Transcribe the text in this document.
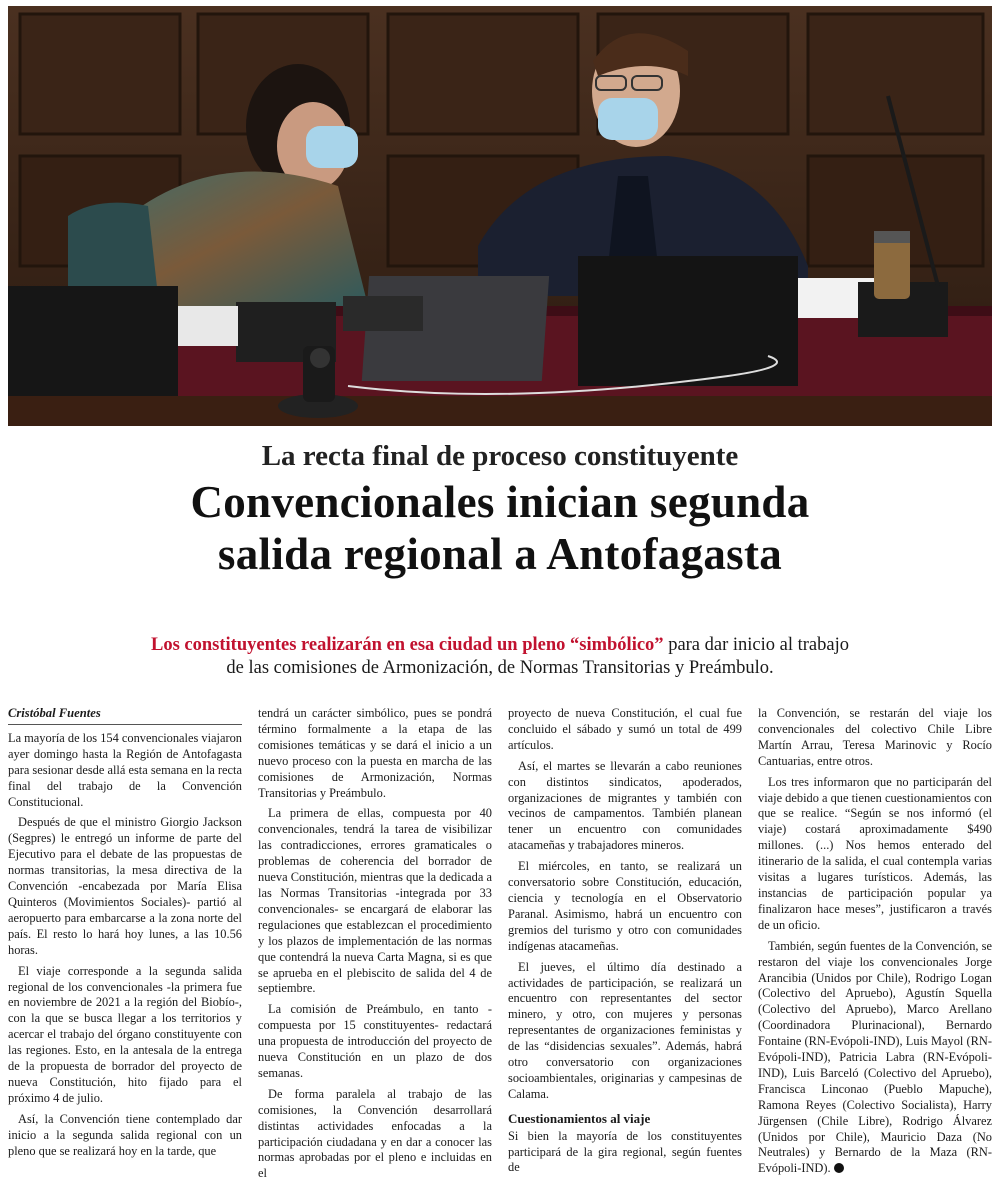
La recta final de proceso constituyente
Convencionales inician segunda
salida regional a Antofagasta
Los constituyentes realizarán en esa ciudad un pleno “simbólico” para dar inicio al trabajo
de las comisiones de Armonización, de Normas Transitorias y Preámbulo.
Cristóbal Fuentes

La mayoría de los 154 convencionales viajaron ayer domingo hasta la Región de Antofagasta para sesionar desde allá esta semana en la recta final del trabajo de la Convención Constitucional.

Después de que el ministro Giorgio Jackson (Segpres) le entregó un informe de parte del Ejecutivo para el debate de las propuestas de normas transitorias, la mesa directiva de la Convención -encabezada por María Elisa Quinteros (Movimientos Sociales)- partió al aeropuerto para embarcarse a la zona norte del país. El resto lo hará hoy lunes, a las 10.56 horas.

El viaje corresponde a la segunda salida regional de los convencionales -la primera fue en noviembre de 2021 a la región del Biobío-, con la que se busca llegar a los territorios y acercar el trabajo del órgano constituyente con las regiones. Esto, en la antesala de la entrega de la propuesta de borrador del proyecto de nueva Constitución, hito fijado para el próximo 4 de julio.

Así, la Convención tiene contemplado dar inicio a la segunda salida regional con un pleno que se realizará hoy en la tarde, que

tendrá un carácter simbólico, pues se pondrá término formalmente a la etapa de las comisiones temáticas y se dará el inicio a un nuevo proceso con la puesta en marcha de las comisiones de Armonización, Normas Transitorias y Preámbulo.

La primera de ellas, compuesta por 40 convencionales, tendrá la tarea de visibilizar las contradicciones, errores gramaticales o problemas de coherencia del borrador de nueva Constitución, mientras que la dedicada a las Normas Transitorias -integrada por 33 convencionales- se encargará de elaborar las regulaciones que establezcan el procedimiento y los plazos de implementación de las normas que contendrá la nueva Carta Magna, si es que se aprueba en el plebiscito de salida del 4 de septiembre.

La comisión de Preámbulo, en tanto -compuesta por 15 constituyentes- redactará una propuesta de introducción del proyecto de nueva Constitución en un plazo de dos semanas.

De forma paralela al trabajo de las comisiones, la Convención desarrollará distintas actividades enfocadas a la participación ciudadana y en dar a conocer las normas aprobadas por el pleno e incluidas en el

proyecto de nueva Constitución, el cual fue concluido el sábado y sumó un total de 499 artículos.

Así, el martes se llevarán a cabo reuniones con distintos sindicatos, apoderados, organizaciones de migrantes y también con vecinos de campamentos. También planean tener un encuentro con comunidades atacameñas y trabajadores mineros.

El miércoles, en tanto, se realizará un conversatorio sobre Constitución, educación, ciencia y tecnología en el Observatorio Paranal. Asimismo, habrá un encuentro con gremios del turismo y otro con comunidades indígenas atacameñas.

El jueves, el último día destinado a actividades de participación, se realizará un encuentro con representantes del sector minero, y otro, con mujeres y personas representantes de organizaciones feministas y de las “disidencias sexuales”. Además, habrá otro conversatorio con organizaciones socioambientales, originarias y campesinas de Calama.

Cuestionamientos al viaje

Si bien la mayoría de los constituyentes participará de la gira regional, según fuentes de

la Convención, se restarán del viaje los convencionales del colectivo Chile Libre Martín Arrau, Teresa Marinovic y Rocío Cantuarias, entre otros.

Los tres informaron que no participarán del viaje debido a que tienen cuestionamientos con que se realice. “Según se nos informó (el viaje) costará aproximadamente $490 millones. (...) Nos hemos enterado del itinerario de la salida, el cual contempla varias visitas a lugares turísticos. Además, las instancias de participación popular ya finalizaron hace meses”, justificaron a través de un oficio.

También, según fuentes de la Convención, se restaron del viaje los convencionales Jorge Arancibia (Unidos por Chile), Rodrigo Logan (Colectivo del Apruebo), Agustín Squella (Colectivo del Apruebo), Marco Arellano (Coordinadora Plurinacional), Bernardo Fontaine (RN-Evópoli-IND), Luis Mayol (RN-Evópoli-IND), Patricia Labra (RN-Evópoli-IND), Luis Barceló (Colectivo del Apruebo), Francisca Linconao (Pueblo Mapuche), Ramona Reyes (Colectivo Socialista), Harry Jürgensen (Chile Libre), Rodrigo Álvarez (Unidos por Chile), Mauricio Daza (No Neutrales) y Bernardo de la Maza (RN-Evópoli-IND).
